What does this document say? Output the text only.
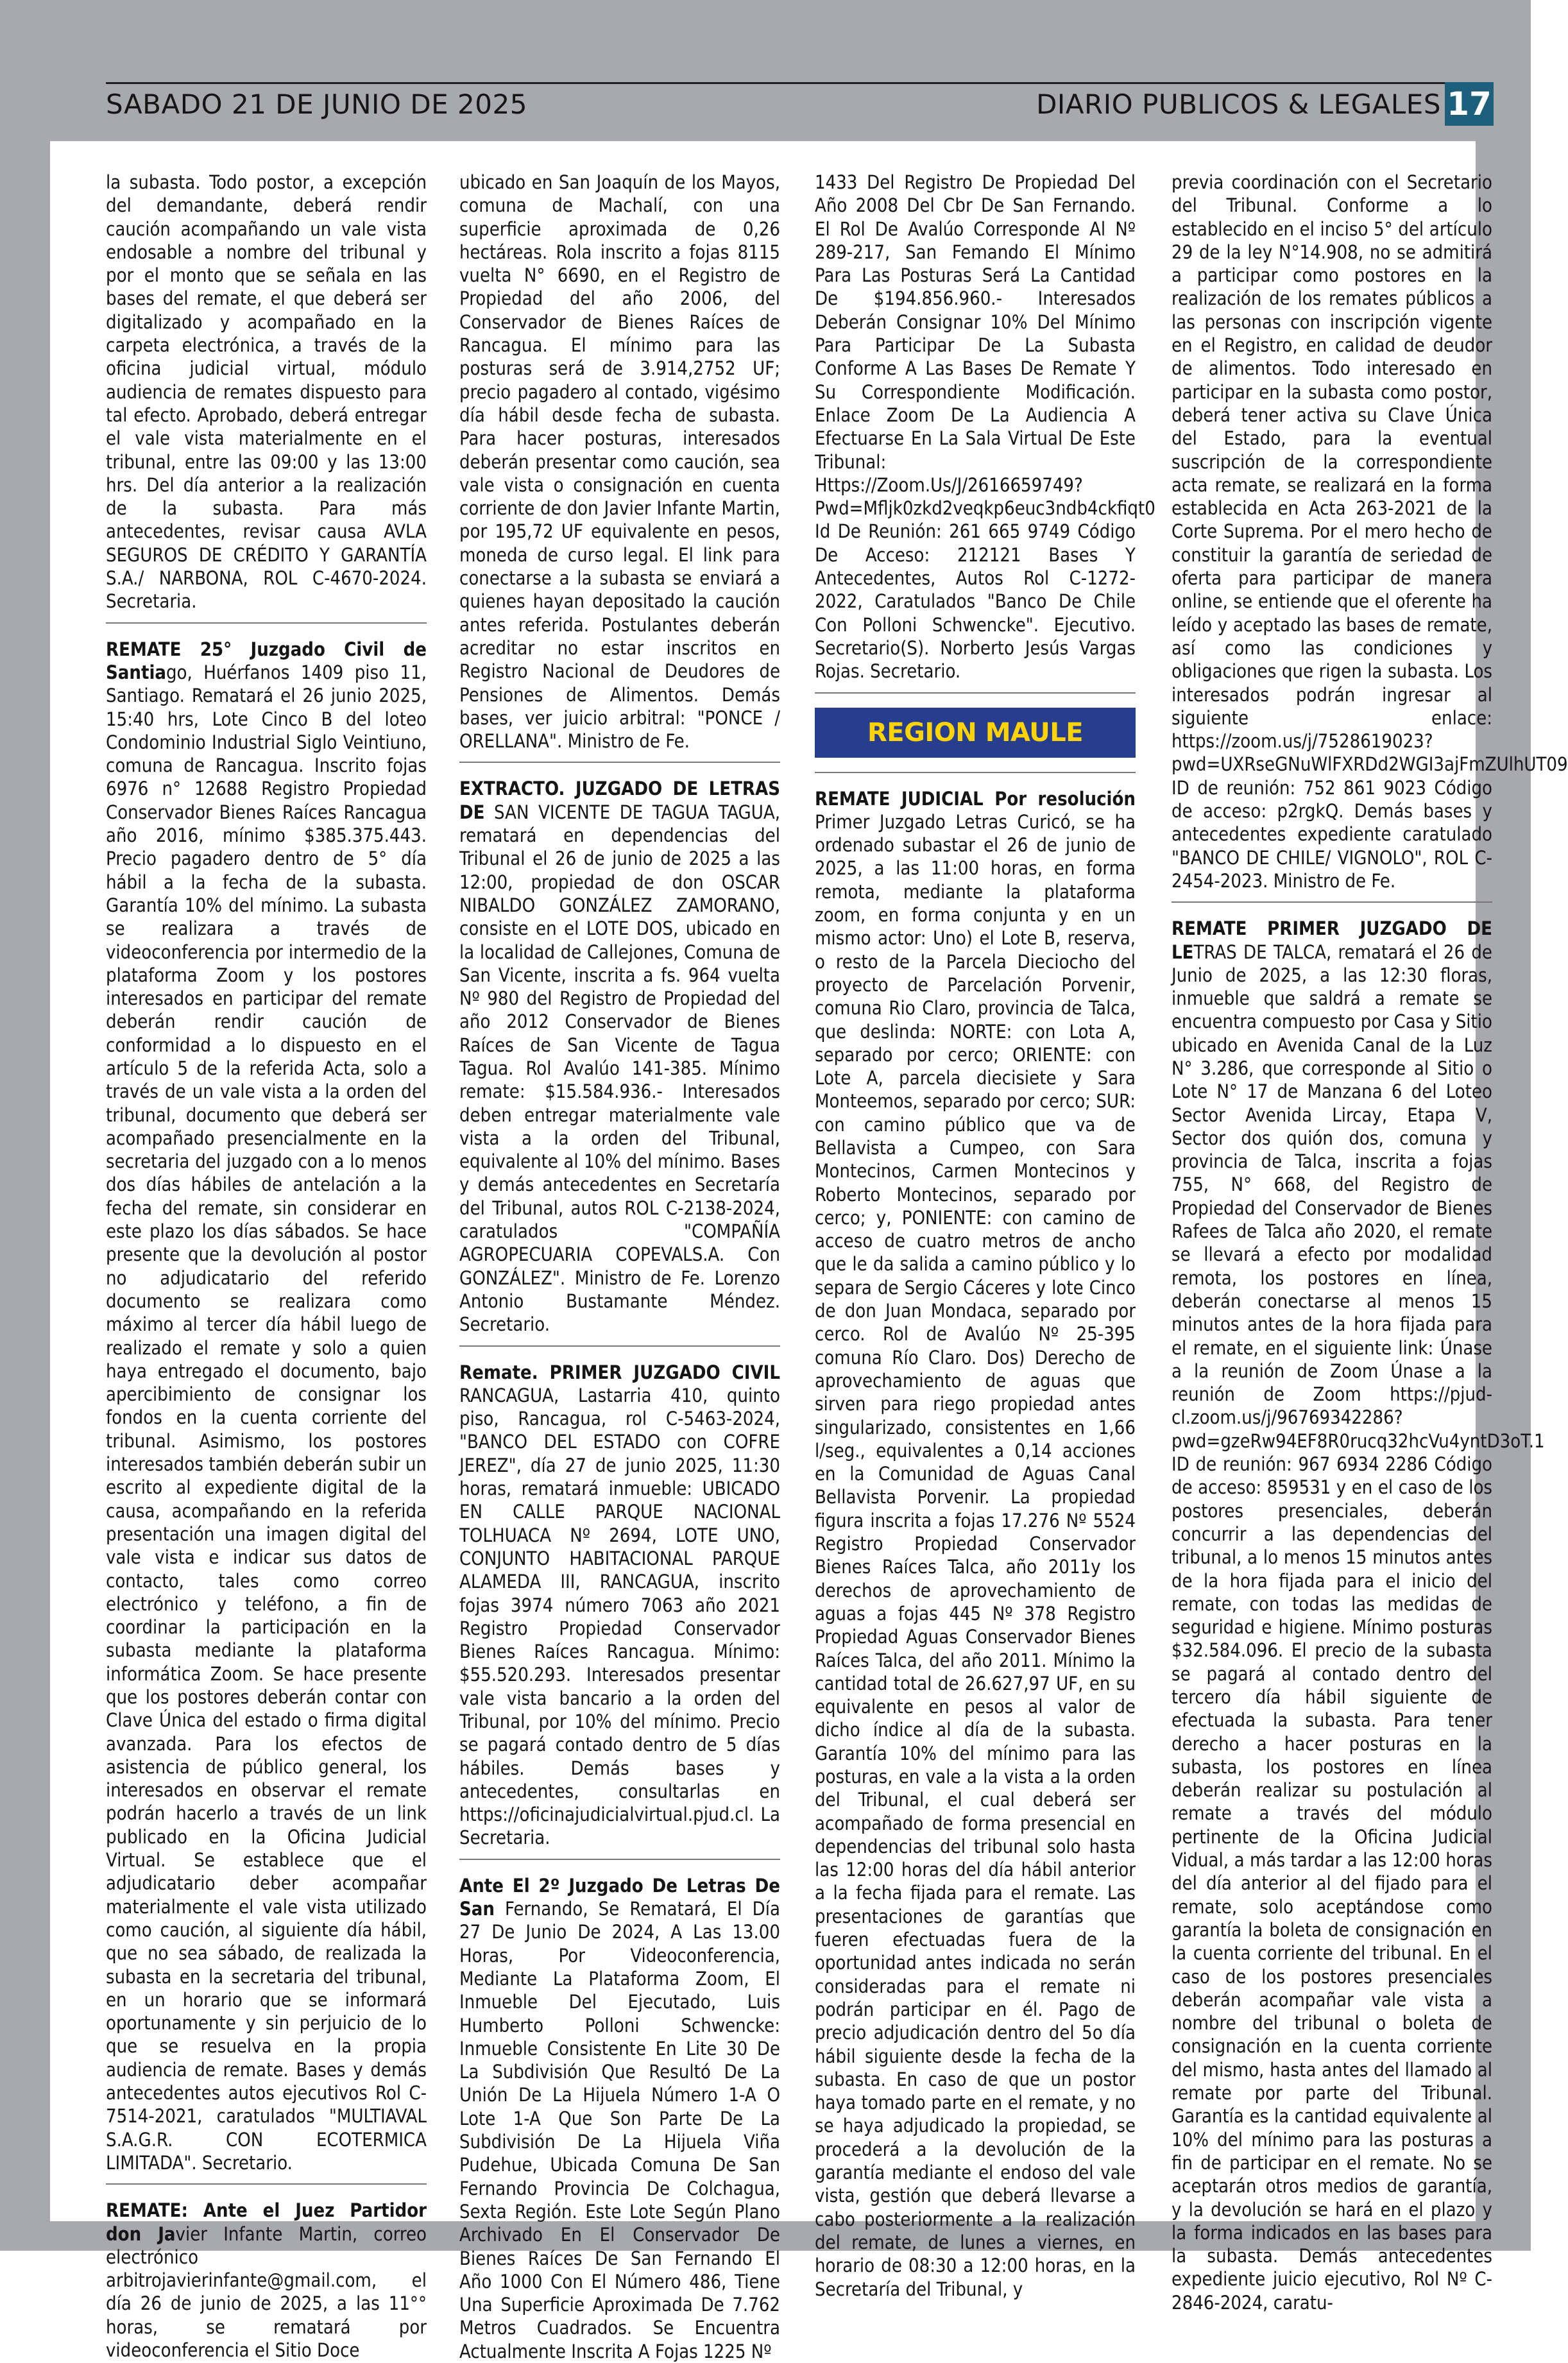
SABADO 21 DE JUNIO DE 2025	DIARIO PUBLICOS & LEGALES 17

la subasta. Todo postor, a excepción del demandante, deberá rendir caución acompañando un vale vista endosable a nombre del tribunal y por el monto que se señala en las bases del remate, el que deberá ser digitalizado y acompañado en la carpeta electrónica, a través de la oficina judicial virtual, módulo audiencia de remates dispuesto para tal efecto. Aprobado, deberá entregar el vale vista materialmente en el tribunal, entre las 09:00 y las 13:00 hrs. Del día anterior a la realización de la subasta. Para más antecedentes, revisar causa AVLA SEGUROS DE CRÉDITO Y GARANTÍA S.A./ NARBONA, ROL C-4670-2024. Secretaria.

REMATE 25° Juzgado Civil de Santiago, Huérfanos 1409 piso 11, Santiago. Rematará el 26 junio 2025, 15:40 hrs, Lote Cinco B del loteo Condominio Industrial Siglo Veintiuno, comuna de Rancagua. Inscrito fojas 6976 n° 12688 Registro Propiedad Conservador Bienes Raíces Rancagua año 2016, mínimo $385.375.443. Precio pagadero dentro de 5° día hábil a la fecha de la subasta. Garantía 10% del mínimo. La subasta se realizara a través de videoconferencia por intermedio de la plataforma Zoom y los postores interesados en participar del remate deberán rendir caución de conformidad a lo dispuesto en el artículo 5 de la referida Acta, solo a través de un vale vista a la orden del tribunal, documento que deberá ser acompañado presencialmente en la secretaria del juzgado con a lo menos dos días hábiles de antelación a la fecha del remate, sin considerar en este plazo los días sábados. Se hace presente que la devolución al postor no adjudicatario del referido documento se realizara como máximo al tercer día hábil luego de realizado el remate y solo a quien haya entregado el documento, bajo apercibimiento de consignar los fondos en la cuenta corriente del tribunal. Asimismo, los postores interesados también deberán subir un escrito al expediente digital de la causa, acompañando en la referida presentación una imagen digital del vale vista e indicar sus datos de contacto, tales como correo electrónico y teléfono, a fin de coordinar la participación en la subasta mediante la plataforma informática Zoom. Se hace presente que los postores deberán contar con Clave Única del estado o firma digital avanzada. Para los efectos de asistencia de público general, los interesados en observar el remate podrán hacerlo a través de un link publicado en la Oficina Judicial Virtual. Se establece que el adjudicatario deber acompañar materialmente el vale vista utilizado como caución, al siguiente día hábil, que no sea sábado, de realizada la subasta en la secretaria del tribunal, en un horario que se informará oportunamente y sin perjuicio de lo que se resuelva en la propia audiencia de remate. Bases y demás antecedentes autos ejecutivos Rol C-7514-2021, caratulados "MULTIAVAL S.A.G.R. CON ECOTERMICA LIMITADA". Secretario.

REMATE: Ante el Juez Partidor don Javier Infante Martin, correo electrónico arbitrojavierinfante@gmail.com, el día 26 de junio de 2025, a las 11°° horas, se rematará por videoconferencia el Sitio Doce

ubicado en San Joaquín de los Mayos, comuna de Machalí, con una superficie aproximada de 0,26 hectáreas. Rola inscrito a fojas 8115 vuelta N° 6690, en el Registro de Propiedad del año 2006, del Conservador de Bienes Raíces de Rancagua. El mínimo para las posturas será de 3.914,2752 UF; precio pagadero al contado, vigésimo día hábil desde fecha de subasta. Para hacer posturas, interesados deberán presentar como caución, sea vale vista o consignación en cuenta corriente de don Javier Infante Martin, por 195,72 UF equivalente en pesos, moneda de curso legal. El link para conectarse a la subasta se enviará a quienes hayan depositado la caución antes referida. Postulantes deberán acreditar no estar inscritos en Registro Nacional de Deudores de Pensiones de Alimentos. Demás bases, ver juicio arbitral: "PONCE / ORELLANA". Ministro de Fe.

EXTRACTO. JUZGADO DE LETRAS DE SAN VICENTE DE TAGUA TAGUA, rematará en dependencias del Tribunal el 26 de junio de 2025 a las 12:00, propiedad de don OSCAR NIBALDO GONZÁLEZ ZAMORANO, consiste en el LOTE DOS, ubicado en la localidad de Callejones, Comuna de San Vicente, inscrita a fs. 964 vuelta Nº 980 del Registro de Propiedad del año 2012 Conservador de Bienes Raíces de San Vicente de Tagua Tagua. Rol Avalúo 141-385. Mínimo remate: $15.584.936.- Interesados deben entregar materialmente vale vista a la orden del Tribunal, equivalente al 10% del mínimo. Bases y demás antecedentes en Secretaría del Tribunal, autos ROL C-2138-2024, caratulados "COMPAÑÍA AGROPECUARIA COPEVALS.A. Con GONZÁLEZ". Ministro de Fe. Lorenzo Antonio Bustamante Méndez. Secretario.

Remate. PRIMER JUZGADO CIVIL RANCAGUA, Lastarria 410, quinto piso, Rancagua, rol C-5463-2024, "BANCO DEL ESTADO con COFRE JEREZ", día 27 de junio 2025, 11:30 horas, rematará inmueble: UBICADO EN CALLE PARQUE NACIONAL TOLHUACA Nº 2694, LOTE UNO, CONJUNTO HABITACIONAL PARQUE ALAMEDA III, RANCAGUA, inscrito fojas 3974 número 7063 año 2021 Registro Propiedad Conservador Bienes Raíces Rancagua. Mínimo: $55.520.293. Interesados presentar vale vista bancario a la orden del Tribunal, por 10% del mínimo. Precio se pagará contado dentro de 5 días hábiles. Demás bases y antecedentes, consultarlas en https://oficinajudicialvirtual.pjud.cl. La Secretaria.

Ante El 2º Juzgado De Letras De San Fernando, Se Rematará, El Día 27 De Junio De 2024, A Las 13.00 Horas, Por Videoconferencia, Mediante La Plataforma Zoom, El Inmueble Del Ejecutado, Luis Humberto Polloni Schwencke: Inmueble Consistente En Lite 30 De La Subdivisión Que Resultó De La Unión De La Hijuela Número 1-A O Lote 1-A Que Son Parte De La Subdivisión De La Hijuela Viña Pudehue, Ubicada Comuna De San Fernando Provincia De Colchagua, Sexta Región. Este Lote Según Plano Archivado En El Conservador De Bienes Raíces De San Fernando El Año 1000 Con El Número 486, Tiene Una Superficie Aproximada De 7.762 Metros Cuadrados. Se Encuentra Actualmente Inscrita A Fojas 1225 Nº

1433 Del Registro De Propiedad Del Año 2008 Del Cbr De San Fernando. El Rol De Avalúo Corresponde Al Nº 289-217, San Femando El Mínimo Para Las Posturas Será La Cantidad De $194.856.960.- Interesados Deberán Consignar 10% Del Mínimo Para Participar De La Subasta Conforme A Las Bases De Remate Y Su Correspondiente Modificación. Enlace Zoom De La Audiencia A Efectuarse En La Sala Virtual De Este Tribunal: Https://Zoom.Us/J/2616659749?Pwd=Mfljk0zkd2veqkp6euc3ndb4ckfiqt0 Id De Reunión: 261 665 9749 Código De Acceso: 212121 Bases Y Antecedentes, Autos Rol C-1272-2022, Caratulados "Banco De Chile Con Polloni Schwencke". Ejecutivo. Secretario(S). Norberto Jesús Vargas Rojas. Secretario.

REGION MAULE

REMATE JUDICIAL Por resolución Primer Juzgado Letras Curicó, se ha ordenado subastar el 26 de junio de 2025, a las 11:00 horas, en forma remota, mediante la plataforma zoom, en forma conjunta y en un mismo actor: Uno) el Lote B, reserva, o resto de la Parcela Dieciocho del proyecto de Parcelación Porvenir, comuna Rio Claro, provincia de Talca, que deslinda: NORTE: con Lota A, separado por cerco; ORIENTE: con Lote A, parcela diecisiete y Sara Monteemos, separado por cerco; SUR: con camino público que va de Bellavista a Cumpeo, con Sara Montecinos, Carmen Montecinos y Roberto Montecinos, separado por cerco; y, PONIENTE: con camino de acceso de cuatro metros de ancho que le da salida a camino público y lo separa de Sergio Cáceres y lote Cinco de don Juan Mondaca, separado por cerco. Rol de Avalúo Nº 25-395 comuna Río Claro. Dos) Derecho de aprovechamiento de aguas que sirven para riego propiedad antes singularizado, consistentes en 1,66 l/seg., equivalentes a 0,14 acciones en la Comunidad de Aguas Canal Bellavista Porvenir. La propiedad figura inscrita a fojas 17.276 Nº 5524 Registro Propiedad Conservador Bienes Raíces Talca, año 2011y los derechos de aprovechamiento de aguas a fojas 445 Nº 378 Registro Propiedad Aguas Conservador Bienes Raíces Talca, del año 2011. Mínimo la cantidad total de 26.627,97 UF, en su equivalente en pesos al valor de dicho índice al día de la subasta. Garantía 10% del mínimo para las posturas, en vale a la vista a la orden del Tribunal, el cual deberá ser acompañado de forma presencial en dependencias del tribunal solo hasta las 12:00 horas del día hábil anterior a la fecha fijada para el remate. Las presentaciones de garantías que fueren efectuadas fuera de la oportunidad antes indicada no serán consideradas para el remate ni podrán participar en él. Pago de precio adjudicación dentro del 5o día hábil siguiente desde la fecha de la subasta. En caso de que un postor haya tomado parte en el remate, y no se haya adjudicado la propiedad, se procederá a la devolución de la garantía mediante el endoso del vale vista, gestión que deberá llevarse a cabo posteriormente a la realización del remate, de lunes a viernes, en horario de 08:30 a 12:00 horas, en la Secretaría del Tribunal, y

previa coordinación con el Secretario del Tribunal. Conforme a lo establecido en el inciso 5° del artículo 29 de la ley N°14.908, no se admitirá a participar como postores en la realización de los remates públicos a las personas con inscripción vigente en el Registro, en calidad de deudor de alimentos. Todo interesado en participar en la subasta como postor, deberá tener activa su Clave Única del Estado, para la eventual suscripción de la correspondiente acta remate, se realizará en la forma establecida en Acta 263-2021 de la Corte Suprema. Por el mero hecho de constituir la garantía de seriedad de oferta para participar de manera online, se entiende que el oferente ha leído y aceptado las bases de remate, así como las condiciones y obligaciones que rigen la subasta. Los interesados podrán ingresar al siguiente enlace: https://zoom.us/j/7528619023?pwd=UXRseGNuWlFXRDd2WGI3ajFmZUlhUT09 ID de reunión: 752 861 9023 Código de acceso: p2rgkQ. Demás bases y antecedentes expediente caratulado "BANCO DE CHILE/ VIGNOLO", ROL C-2454-2023. Ministro de Fe.

REMATE PRIMER JUZGADO DE LETRAS DE TALCA, rematará el 26 de Junio de 2025, a las 12:30 floras, inmueble que saldrá a remate se encuentra compuesto por Casa y Sitio ubicado en Avenida Canal de la Luz N° 3.286, que corresponde al Sitio o Lote N° 17 de Manzana 6 del Loteo Sector Avenida Lircay, Etapa V, Sector dos quión dos, comuna y provincia de Talca, inscrita a fojas 755, N° 668, del Registro de Propiedad del Conservador de Bienes Rafees de Talca año 2020, el remate se llevará a efecto por modalidad remota, los postores en línea, deberán conectarse al menos 15 minutos antes de la hora fijada para el remate, en el siguiente link: Únase a la reunión de Zoom Únase a la reunión de Zoom https://pjud-cl.zoom.us/j/96769342286?pwd=gzeRw94EF8R0rucq32hcVu4yntD3oT.1 ID de reunión: 967 6934 2286 Código de acceso: 859531 y en el caso de los postores presenciales, deberán concurrir a las dependencias del tribunal, a lo menos 15 minutos antes de la hora fijada para el inicio del remate, con todas las medidas de seguridad e higiene. Mínimo posturas $32.584.096. El precio de la subasta se pagará al contado dentro del tercero día hábil siguiente de efectuada la subasta. Para tener derecho a hacer posturas en la subasta, los postores en línea deberán realizar su postulación al remate a través del módulo pertinente de la Oficina Judicial Vidual, a más tardar a las 12:00 horas del día anterior al del fijado para el remate, solo aceptándose como garantía la boleta de consignación en la cuenta corriente del tribunal. En el caso de los postores presenciales deberán acompañar vale vista a nombre del tribunal o boleta de consignación en la cuenta corriente del mismo, hasta antes del llamado al remate por parte del Tribunal. Garantía es la cantidad equivalente al 10% del mínimo para las posturas a fin de participar en el remate. No se aceptarán otros medios de garantía, y la devolución se hará en el plazo y la forma indicados en las bases para la subasta. Demás antecedentes expediente juicio ejecutivo, Rol Nº C-2846-2024, caratu-
